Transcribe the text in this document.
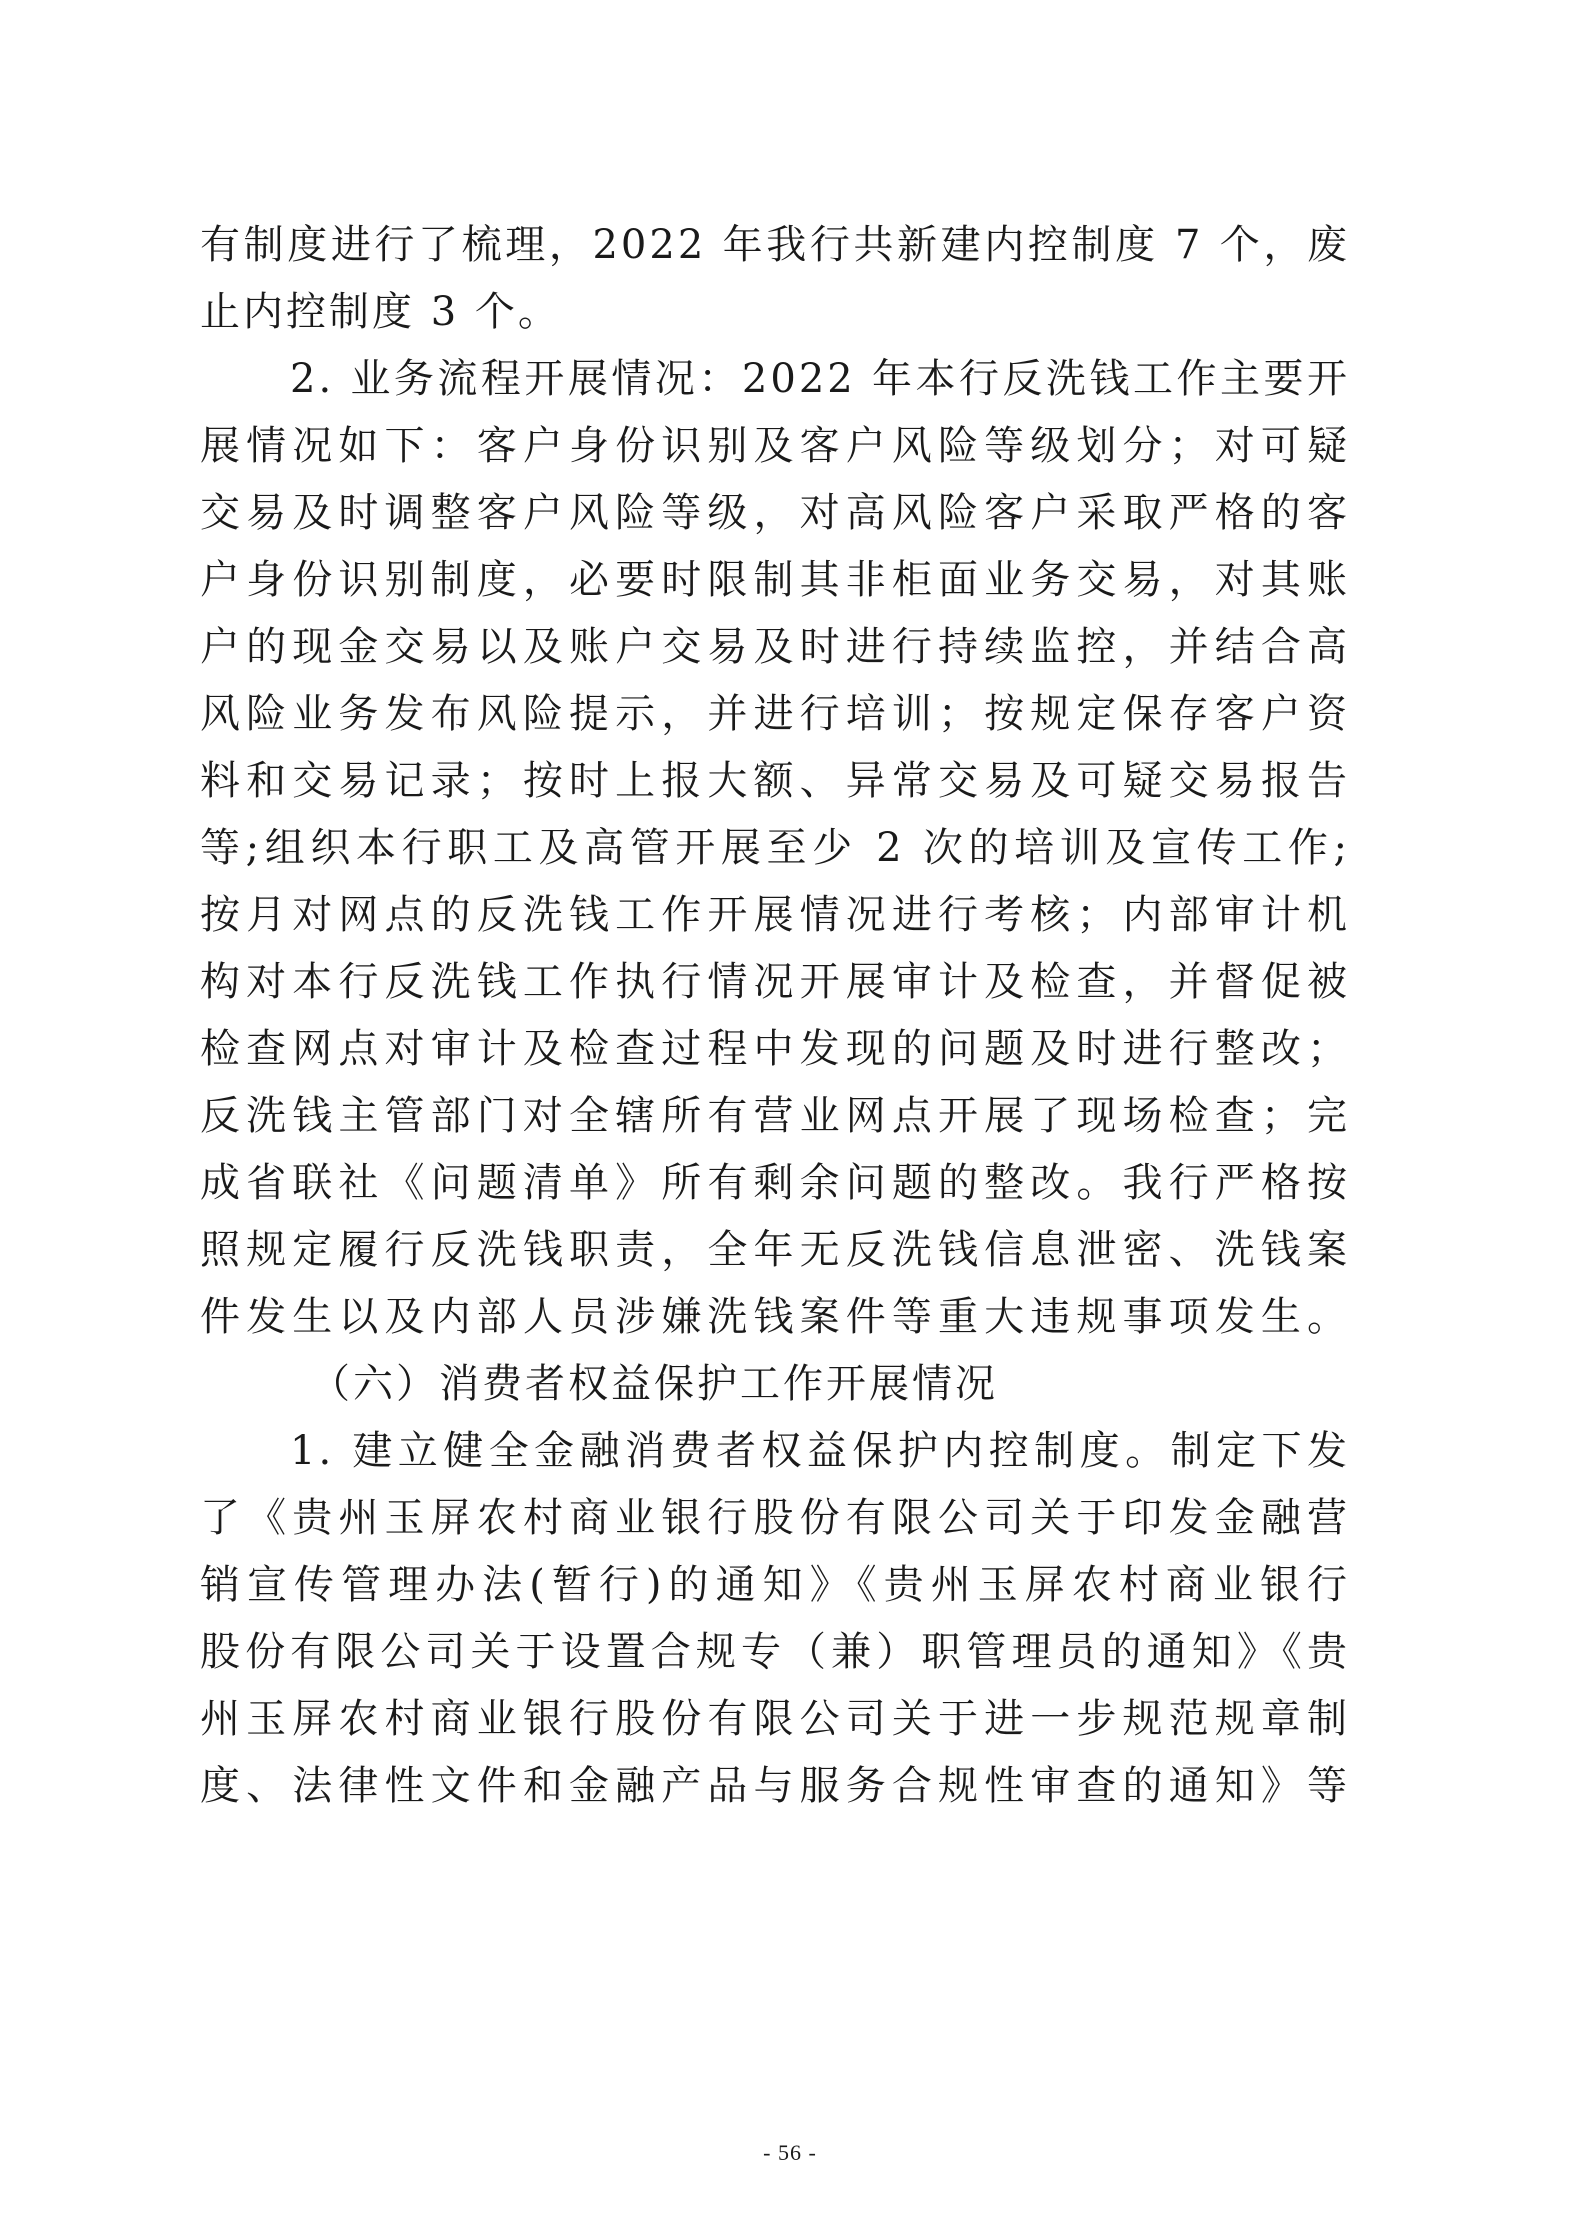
有制度进行了梳理，2022 年我行共新建内控制度 7 个，废
止内控制度 3 个。
2. 业务流程开展情况：2022 年本行反洗钱工作主要开
展情况如下：客户身份识别及客户风险等级划分；对可疑
交易及时调整客户风险等级，对高风险客户采取严格的客
户身份识别制度，必要时限制其非柜面业务交易，对其账
户的现金交易以及账户交易及时进行持续监控，并结合高
风险业务发布风险提示，并进行培训；按规定保存客户资
料和交易记录；按时上报大额、异常交易及可疑交易报告
等;组织本行职工及高管开展至少 2 次的培训及宣传工作;
按月对网点的反洗钱工作开展情况进行考核；内部审计机
构对本行反洗钱工作执行情况开展审计及检查，并督促被
检查网点对审计及检查过程中发现的问题及时进行整改；
反洗钱主管部门对全辖所有营业网点开展了现场检查；完
成省联社《问题清单》所有剩余问题的整改。我行严格按
照规定履行反洗钱职责，全年无反洗钱信息泄密、洗钱案
件发生以及内部人员涉嫌洗钱案件等重大违规事项发生。
（六）消费者权益保护工作开展情况
1. 建立健全金融消费者权益保护内控制度。制定下发
了《贵州玉屏农村商业银行股份有限公司关于印发金融营
销宣传管理办法(暂行)的通知》《贵州玉屏农村商业银行
股份有限公司关于设置合规专（兼）职管理员的通知》《贵
州玉屏农村商业银行股份有限公司关于进一步规范规章制
度、法律性文件和金融产品与服务合规性审查的通知》等
- 56 -
